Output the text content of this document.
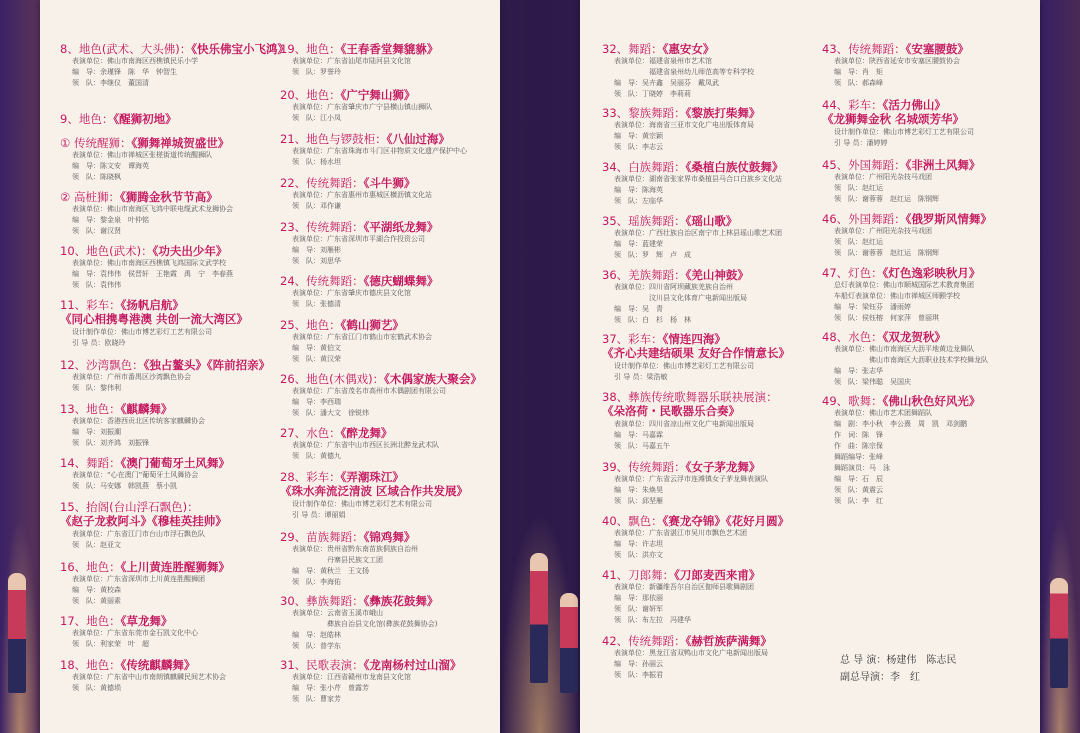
8、地色(武术、大头佛)：《快乐佛宝小飞鸿》
表演单位：佛山市南海区西樵镇民乐小学
编　导：余瑾锋　陈　华　钟智生
领　队：李继仪　董国清
9、地色：《醒狮初地》
① 传统醒狮：《狮舞禅城贺盛世》
表演单位：佛山市禅城区张槎街道传统醒狮队
编　导：陈文安　谭海英
领　队：陈晓枫
② 高桩狮：《狮腾金秋节节高》
表演单位：佛山市南海区飞鸿中联电缆武术龙狮协会
编　导：黎金泉　叶仲铭
领　队：谢汉贤
10、地色(武术)：《功夫出少年》
表演单位：佛山市南海区西樵镇飞鸿国际文武学校
编　导：袁伟伟　侯晋轩　王艳霞　禹　宁　李春燕
领　队：袁伟伟
11、彩车：《扬帆启航》
《同心相携粤港澳 共创一流大湾区》
设计制作单位：佛山市博艺彩灯工艺有限公司
引 导 员：欧晓玲
12、沙湾飘色：《独占鳌头》《阵前招亲》
表演单位：广州市番禺区沙湾飘色协会
领　队：黎伟利
13、地色：《麒麟舞》
表演单位：香港西贡北区传统客家麒麟协会
编　导：刘振潮
领　队：刘齐鸿　刘振锋
14、舞蹈：《澳门葡萄牙土风舞》
表演单位：“心在澳门”葡萄牙土风舞协会
领　队：马安娜　韩凯燕　蔡小凯
15、抬阁(台山浮石飘色)：
《赵子龙救阿斗》《穆桂英挂帅》
表演单位：广东省江门市台山市浮石飘色队
领　队：赵亚文
16、地色：《上川黄连胜醒狮舞》
表演单位：广东省深圳市上川黄连胜醒狮团
编　导：黄校森
领　队：黄丽素
17、地色：《草龙舞》
表演单位：广东省东莞市金石凯文化中心
领　队：利家荣　叶　超
18、地色：《传统麒麟舞》
表演单位：广东省中山市南朗镇麒麟民间艺术协会
领　队：黄德埙
19、地色：《王春香堂舞貔貅》
表演单位：广东省汕尾市陆河县文化馆
领　队：罗誉玲
20、地色：《广宁舞山狮》
表演单位：广东省肇庆市广宁县横山镇山狮队
领　队：江小凤
21、地色与锣鼓柜：《八仙过海》
表演单位：广东省珠海市斗门区非物质文化遗产保护中心
领　队：杨水坦
22、传统舞蹈：《斗牛狮》
表演单位：广东省惠州市惠城区横沥镇文化站
领　队：邓作谦
23、传统舞蹈：《平湖纸龙舞》
表演单位：广东省深圳市平湖合作投资公司
编　导：刘雁彬
领　队：刘思华
24、传统舞蹈：《德庆蝴蝶舞》
表演单位：广东省肇庆市德庆县文化馆
领　队：张德清
25、地色：《鹤山狮艺》
表演单位：广东省江门市鹤山市宏鹤武术协会
编　导：黄伯文
领　队：黄汉荣
26、地色(木偶戏)：《木偶家族大聚会》
表演单位：广东省茂名市高州市木偶剧团有限公司
编　导：李西瑞
领　队：潘大文　徐锐炜
27、水色：《醉龙舞》
表演单位：广东省中山市西区长洲北醉龙武术队
领　队：黄德九
28、彩车：《弄潮珠江》
《珠水奔流泛清波 区域合作共发展》
设计制作单位：佛山市博艺彩灯艺术有限公司
引 导 员：谭丽娟
29、苗族舞蹈：《锦鸡舞》
表演单位：贵州省黔东南苗族侗族自治州
　　　　　丹寨县民族文工团
编　导：黄秋兰　王文扬
领　队：李海佑
30、彝族舞蹈：《彝族花鼓舞》
表演单位：云南省玉溪市峨山
　　　　　彝族自治县文化馆(彝族花鼓舞协会)
编　导：赵皓林
领　队：普学东
31、民歌表演：《龙南杨村过山溜》
表演单位：江西省赣州市龙南县文化馆
编　导：张小芹　曾露芳
领　队：曹家芳
32、舞蹈：《惠安女》
表演单位：福建省泉州市艺术馆
　　　　　福建省泉州幼儿师范高等专科学校
编　导：吴卉鑫　吴丽芬　戴凤武
领　队：丁晓婷　李莉莉
33、黎族舞蹈：《黎族打柴舞》
表演单位：海南省三亚市文化广电出版体育局
编　导：黄宗颖
领　队：李志云
34、白族舞蹈：《桑植白族仗鼓舞》
表演单位：湖南省张家界市桑植县马合口白族乡文化站
编　导：陈海英
领　队：左临华
35、瑶族舞蹈：《瑶山歌》
表演单位：广西壮族自治区南宁市上林县瑶山歌艺术团
编　导：蓝建荣
领　队：罗　辉　卢　成
36、羌族舞蹈：《羌山神鼓》
表演单位：四川省阿坝藏族羌族自治州
　　　　　汶川县文化体育广电新闻出版局
编　导：吴　青
领　队：白　杉　杨　林
37、彩车：《情连四海》
《齐心共建结硕果 友好合作情意长》
设计制作单位：佛山市博艺彩灯工艺有限公司
引 导 员：梁浩敏
38、彝族传统歌舞器乐联袂展演：
《朵洛荷・民歌器乐合奏》
表演单位：四川省凉山州文化广电新闻出版局
编　导：马嘉霖
领　队：马嘉五午
39、传统舞蹈：《女子茅龙舞》
表演单位：广东省云浮市连滩镇女子茅龙舞表演队
编　导：朱焕昊
领　队：邱坚雁
40、飘色：《赛龙夺锦》《花好月圆》
表演单位：广东省湛江市吴川市飘色艺术团
编　导：许志坦
领　队：洪亦文
41、刀郎舞：《刀郎麦西来甫》
表演单位：新疆维吾尔自治区伽师县歌舞剧团
编　导：那依丽
领　队：谢妍军
领　队：布左拉　冯建华
42、传统舞蹈：《赫哲族萨满舞》
表演单位：黑龙江省双鸭山市文化广电新闻出版局
编　导：孙丽云
领　队：李振君
43、传统舞蹈：《安塞腰鼓》
表演单位：陕西省延安市安塞区腰鼓协会
编　导：肖　矩
领　队：郝森峰
44、彩车：《活力佛山》
《龙狮舞金秋 名城颂芳华》
设计制作单位：佛山市博艺彩灯工艺有限公司
引 导 员：潘婷婷
45、外国舞蹈：《非洲土风舞》
表演单位：广州阳光杂技马戏团
领　队：赵红运
领　队：谢蓉蓉　赵红运　陈钢辉
46、外国舞蹈：《俄罗斯风情舞》
表演单位：广州阳光杂技马戏团
领　队：赵红运
领　队：谢蓉蓉　赵红运　陈钢辉
47、灯色：《灯色逸彩映秋月》
总灯表演单位：佛山市顺城国际艺术教育集团
车船灯表演单位：佛山市禅城区师颢学校
编　导：梁钰芬　潘雨婷
领　队：侯钰榕　何家萍　曾丽琪
48、水色：《双龙贺秋》
表演单位：佛山市南海区大沥平地黄边龙舞队
　　　　　佛山市南海区大沥职业技术学校舞龙队
编　导：张志华
领　队：梁伟聪　吴国庆
49、歌舞：《佛山秋色好风光》
表演单位：佛山市艺术团舞蹈队
编　剧：李小秋　李公熹　周　凯　邓剑鹏
作　词：陈　锋
作　曲：陈宗保
舞蹈编导：张峰
舞蹈演员：马　泳
编　导：石　辰
领　队：黄震云
领　队：李　红
总 导 演：杨建伟　陈志民
副总导演：李　红
